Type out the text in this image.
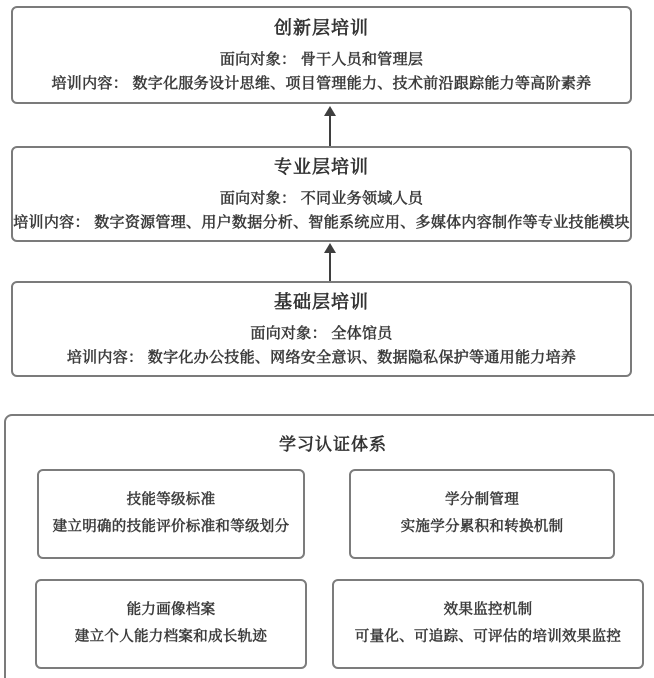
创新层培训
面向对象： 骨干人员和管理层
培训内容： 数字化服务设计思维、项目管理能力、技术前沿跟踪能力等高阶素养
专业层培训
面向对象： 不同业务领域人员
培训内容： 数字资源管理、用户数据分析、智能系统应用、多媒体内容制作等专业技能模块
基础层培训
面向对象： 全体馆员
培训内容： 数字化办公技能、网络安全意识、数据隐私保护等通用能力培养
学习认证体系
技能等级标准
建立明确的技能评价标准和等级划分
学分制管理
实施学分累积和转换机制
能力画像档案
建立个人能力档案和成长轨迹
效果监控机制
可量化、可追踪、可评估的培训效果监控
